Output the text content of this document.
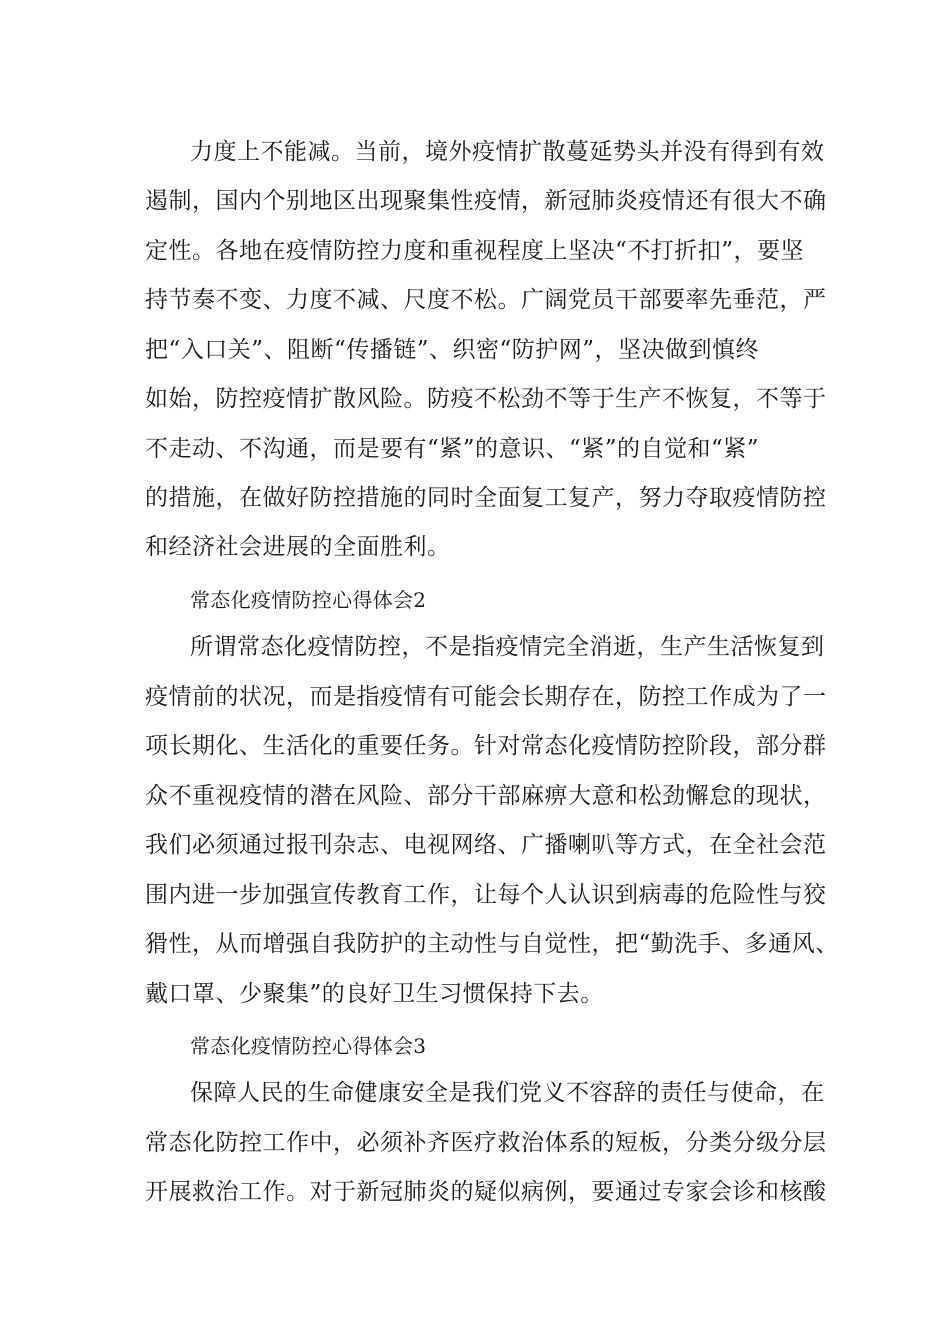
力度上不能减。当前，境外疫情扩散蔓延势头并没有得到有效
遏制，国内个别地区出现聚集性疫情，新冠肺炎疫情还有很大不确
定性。各地在疫情防控力度和重视程度上坚决“不打折扣”，要坚
持节奏不变、力度不减、尺度不松。广阔党员干部要率先垂范，严
把“入口关”、阻断“传播链”、织密“防护网”，坚决做到慎终
如始，防控疫情扩散风险。防疫不松劲不等于生产不恢复，不等于
不走动、不沟通，而是要有“紧”的意识、“紧”的自觉和“紧”
的措施，在做好防控措施的同时全面复工复产，努力夺取疫情防控
和经济社会进展的全面胜利。
常态化疫情防控心得体会2
所谓常态化疫情防控，不是指疫情完全消逝，生产生活恢复到
疫情前的状况，而是指疫情有可能会长期存在，防控工作成为了一
项长期化、生活化的重要任务。针对常态化疫情防控阶段，部分群
众不重视疫情的潜在风险、部分干部麻痹大意和松劲懈怠的现状，
我们必须通过报刊杂志、电视网络、广播喇叭等方式，在全社会范
围内进一步加强宣传教育工作，让每个人认识到病毒的危险性与狡
猾性，从而增强自我防护的主动性与自觉性，把“勤洗手、多通风、
戴口罩、少聚集”的良好卫生习惯保持下去。
常态化疫情防控心得体会3
保障人民的生命健康安全是我们党义不容辞的责任与使命，在
常态化防控工作中，必须补齐医疗救治体系的短板，分类分级分层
开展救治工作。对于新冠肺炎的疑似病例，要通过专家会诊和核酸
